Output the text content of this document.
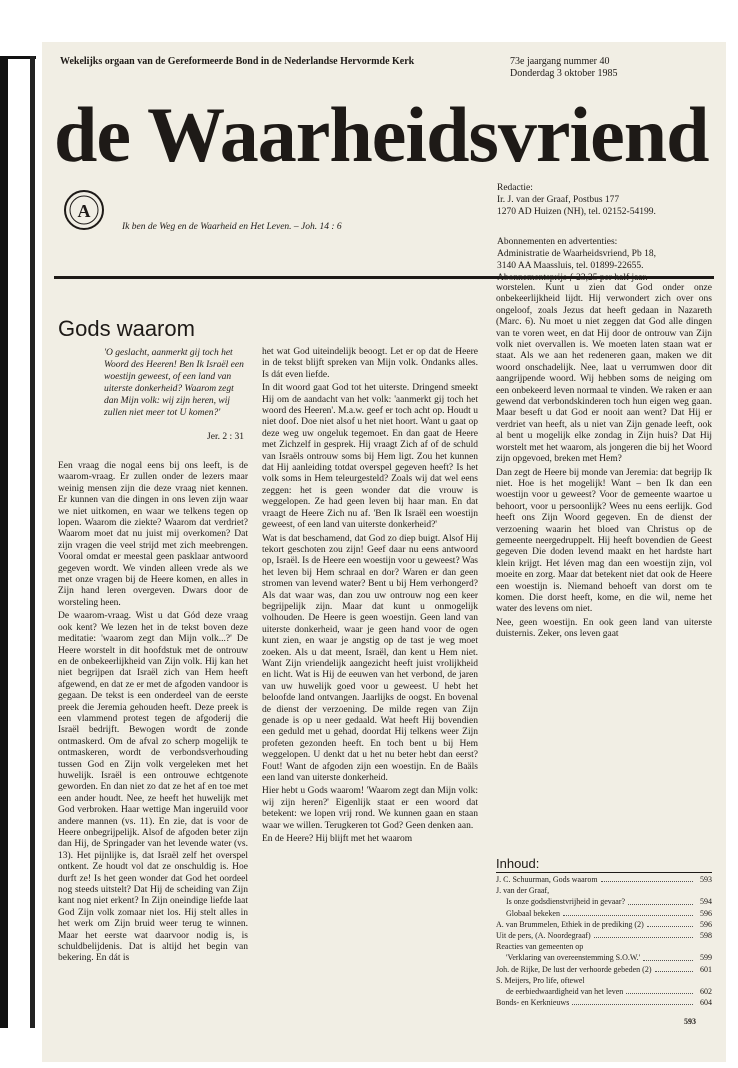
Wekelijks orgaan van de Gereformeerde Bond in de Nederlandse Hervormde Kerk	73e jaargang nummer 40
Donderdag 3 oktober 1985
de Waarheidsvriend
A
Ik ben de Weg en de Waarheid en Het Leven. – Joh. 14 : 6
Redactie:
Ir. J. van der Graaf, Postbus 177
1270 AD Huizen (NH), tel. 02152-54199.
Abonnementen en advertenties:
Administratie de Waarheidsvriend, Pb 18,
3140 AA Maassluis, tel. 01899-22655.
Gods waarom
'O geslacht, aanmerkt gij toch het Woord des Heeren! Ben Ik Israël een woestijn geweest, of een land van uiterste donkerheid? Waarom zegt dan Mijn volk: wij zijn heren, wij zullen niet meer tot U komen?'
Jer. 2 : 31

Een vraag die nogal eens bij ons leeft, is de waarom-vraag. Er zullen onder de lezers maar weinig mensen zijn die deze vraag niet kennen. Er kunnen van die dingen in ons leven zijn waar we niet uitkomen, en waar we telkens tegen op lopen. Waarom die ziekte? Waarom dat verdriet? Waarom moet dat nu juist mij overkomen? Dat zijn vragen die veel strijd met zich meebrengen. Vooral omdat er meestal geen pasklaar antwoord gegeven wordt. We vinden alleen vrede als we met onze vragen bij de Heere komen, en alles in Zijn hand leren overgeven. Dwars door de worsteling heen.

De waarom-vraag. Wist u dat Gód deze vraag ook kent? We lezen het in de tekst boven deze meditatie: 'waarom zegt dan Mijn volk...?' De Heere worstelt in dit hoofdstuk met de ontrouw en de onbekeerlijkheid van Zijn volk. Hij kan het niet begrijpen dat Israël zich van Hem heeft afgewend, en dat ze er met de afgoden vandoor is gegaan. De tekst is een onderdeel van de eerste preek die Jeremia gehouden heeft. Deze preek is een vlammend protest tegen de afgoderij die Israël bedrijft. Bewogen wordt de zonde ontmaskerd. Om de afval zo scherp mogelijk te ontmaskeren, wordt de verbondsverhouding tussen God en Zijn volk vergeleken met het huwelijk. Israël is een ontrouwe echtgenote geworden. En dan niet zo dat ze het af en toe met een ander houdt. Nee, ze heeft het huwelijk met God verbroken. Haar wettige Man ingeruild voor andere mannen (vs. 11). En zie, dat is voor de Heere onbegrijpelijk. Alsof de afgoden beter zijn dan Hij, de Springader van het levende water (vs. 13). Het pijnlijke is, dat Israël zelf het overspel ontkent. Ze houdt vol dat ze onschuldig is. Hoe durft ze! Is het geen wonder dat God het oordeel nog steeds uitstelt? Dat Hij de scheiding van Zijn kant nog niet erkent? In Zijn oneindige liefde laat God Zijn volk zomaar niet los. Hij stelt alles in het werk om Zijn bruid weer terug te winnen. Maar het eerste wat daarvoor nodig is, is schuldbelijdenis. Dat is altijd het begin van bekering. En dát is

het wat God uiteindelijk beoogt. Let er op dat de Heere in de tekst blijft spreken van Mijn volk. Ondanks alles. Is dát even liefde.

In dit woord gaat God tot het uiterste. Dringend smeekt Hij om de aandacht van het volk: 'aanmerkt gij toch het woord des Heeren'. M.a.w. geef er toch acht op. Houdt u niet doof. Doe niet alsof u het niet hoort. Want u gaat op deze weg uw ongeluk tegemoet. En dan gaat de Heere met Zichzelf in gesprek. Hij vraagt Zich af of de schuld van Israëls ontrouw soms bij Hem ligt. Zou het kunnen dat Hij aanleiding totdat overspel gegeven heeft? Is het volk soms in Hem teleurgesteld? Zoals wij dat wel eens zeggen: het is geen wonder dat die vrouw is weggelopen. Ze had geen leven bij haar man. En dat vraagt de Heere Zich nu af. 'Ben Ik Israël een woestijn geweest, of een land van uiterste donkerheid?'

Wat is dat beschamend, dat God zo diep buigt. Alsof Hij tekort geschoten zou zijn! Geef daar nu eens antwoord op, Israël. Is de Heere een woestijn voor u geweest? Was het leven bij Hem schraal en dor? Waren er dan geen stromen van levend water? Bent u bij Hem verhongerd? Als dat waar was, dan zou uw ontrouw nog een keer begrijpelijk zijn. Maar dat kunt u onmogelijk volhouden. De Heere is geen woestijn. Geen land van uiterste donkerheid, waar je geen hand voor de ogen kunt zien, en waar je angstig op de tast je weg moet zoeken. Als u dat meent, Israël, dan kent u Hem niet. Want Zijn vriendelijk aangezicht heeft juist vrolijkheid en licht. Wat is Hij de eeuwen van het verbond, de jaren van uw huwelijk goed voor u geweest. U hebt het beloofde land ontvangen. Jaarlijks de oogst. En bovenal de dienst der verzoening. De milde regen van Zijn genade is op u neer gedaald. Wat heeft Hij bovendien een geduld met u gehad, doordat Hij telkens weer Zijn profeten gezonden heeft. En toch bent u bij Hem weggelopen. U denkt dat u het nu beter hebt dan eerst? Fout! Want de afgoden zijn een woestijn. En de Baäls een land van uiterste donkerheid.

Hier hebt u Gods waarom! 'Waarom zegt dan Mijn volk: wij zijn heren?' Eigenlijk staat er een woord dat betekent: we lopen vrij rond. We kunnen gaan en staan waar we willen. Terugkeren tot God? Geen denken aan.

En de Heere? Hij blijft met het waarom

worstelen. Kunt u zien dat God onder onze onbekeerlijkheid lijdt. Hij verwondert zich over ons ongeloof, zoals Jezus dat heeft gedaan in Nazareth (Marc. 6). Nu moet u niet zeggen dat God alle dingen van te voren weet, en dat Hij door de ontrouw van Zijn volk niet overvallen is. We moeten laten staan wat er staat. Als we aan het redeneren gaan, maken we dit woord onschadelijk. Nee, laat u verrumwen door dit aangrijpende woord. Wij hebben soms de neiging om een onbekeerd leven normaal te vinden. We raken er aan gewend dat verbondskinderen toch hun eigen weg gaan. Maar beseft u dat God er nooit aan went? Dat Hij er verdriet van heeft, als u niet van Zijn genade leeft, ook al bent u mogelijk elke zondag in Zijn huis? Dat Hij worstelt met het waarom, als jongeren die bij het Woord zijn opgevoed, breken met Hem?

Dan zegt de Heere bij monde van Jeremia: dat begrijp Ik niet. Hoe is het mogelijk! Want – ben Ik dan een woestijn voor u geweest? Voor de gemeente waartoe u behoort, voor u persoonlijk? Wees nu eens eerlijk. God heeft ons Zijn Woord gegeven. En de dienst der verzoening waarin het bloed van Christus op de gemeente neergedruppelt. Hij heeft bovendien de Geest gegeven Die doden levend maakt en het hardste hart klein krijgt. Het léven mag dan een woestijn zijn, vol moeite en zorg. Maar dat betekent niet dat ook de Heere een woestijn is. Niemand behoeft van dorst om te komen. Die dorst heeft, kome, en die wil, neme het water des levens om niet.

Nee, geen woestijn. En ook geen land van uiterste duisternis. Zeker, ons leven gaat

Inhoud:
J. C. Schuurman, Gods waarom	593
J. van der Graaf,
Is onze godsdienstvrijheid in gevaar?	594
Globaal bekeken	596
A. van Brummelen, Ethiek in de prediking (2)	596
Uit de pers, (A. Noordegraaf)	598
Reacties van gemeenten op
'Verklaring van overeenstemming S.O.W.'	599
Joh. de Rijke, De lust der verhoorde gebeden (2)	601
S. Meijers, Pro life, oftewel
de eerbiedwaardigheid van het leven	602
Bonds- en Kerknieuws	604
593
